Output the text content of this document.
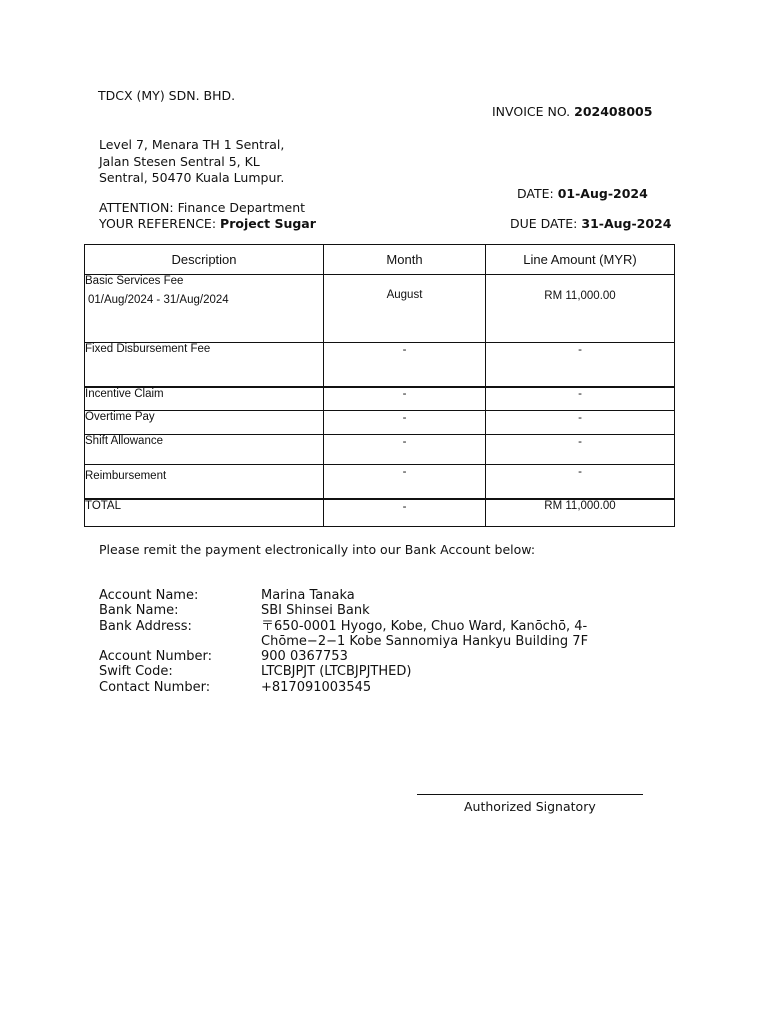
TDCX (MY) SDN. BHD.
INVOICE NO. 202408005
Level 7, Menara TH 1 Sentral,
Jalan Stesen Sentral 5, KL
Sentral, 50470 Kuala Lumpur.
DATE: 01-Aug-2024
ATTENTION: Finance Department
YOUR REFERENCE: Project Sugar	DUE DATE: 31-Aug-2024
Description	Month	Line Amount (MYR)
Basic Services Fee
01/Aug/2024 - 31/Aug/2024	August	RM 11,000.00
Fixed Disbursement Fee	-	-
Incentive Claim	-	-
Overtime Pay	-	-
Shift Allowance	-	-
Reimbursement	-	-
TOTAL	-	RM 11,000.00
Please remit the payment electronically into our Bank Account below:
Account Name:	Marina Tanaka
Bank Name:	SBI Shinsei Bank
Bank Address:	〒650-0001 Hyogo, Kobe, Chuo Ward, Kanōchō, 4-Chōme−2−1 Kobe Sannomiya Hankyu Building 7F
Account Number:	900 0367753
Swift Code:	LTCBJPJT (LTCBJPJTHED)
Contact Number:	+817091003545
Authorized Signatory
